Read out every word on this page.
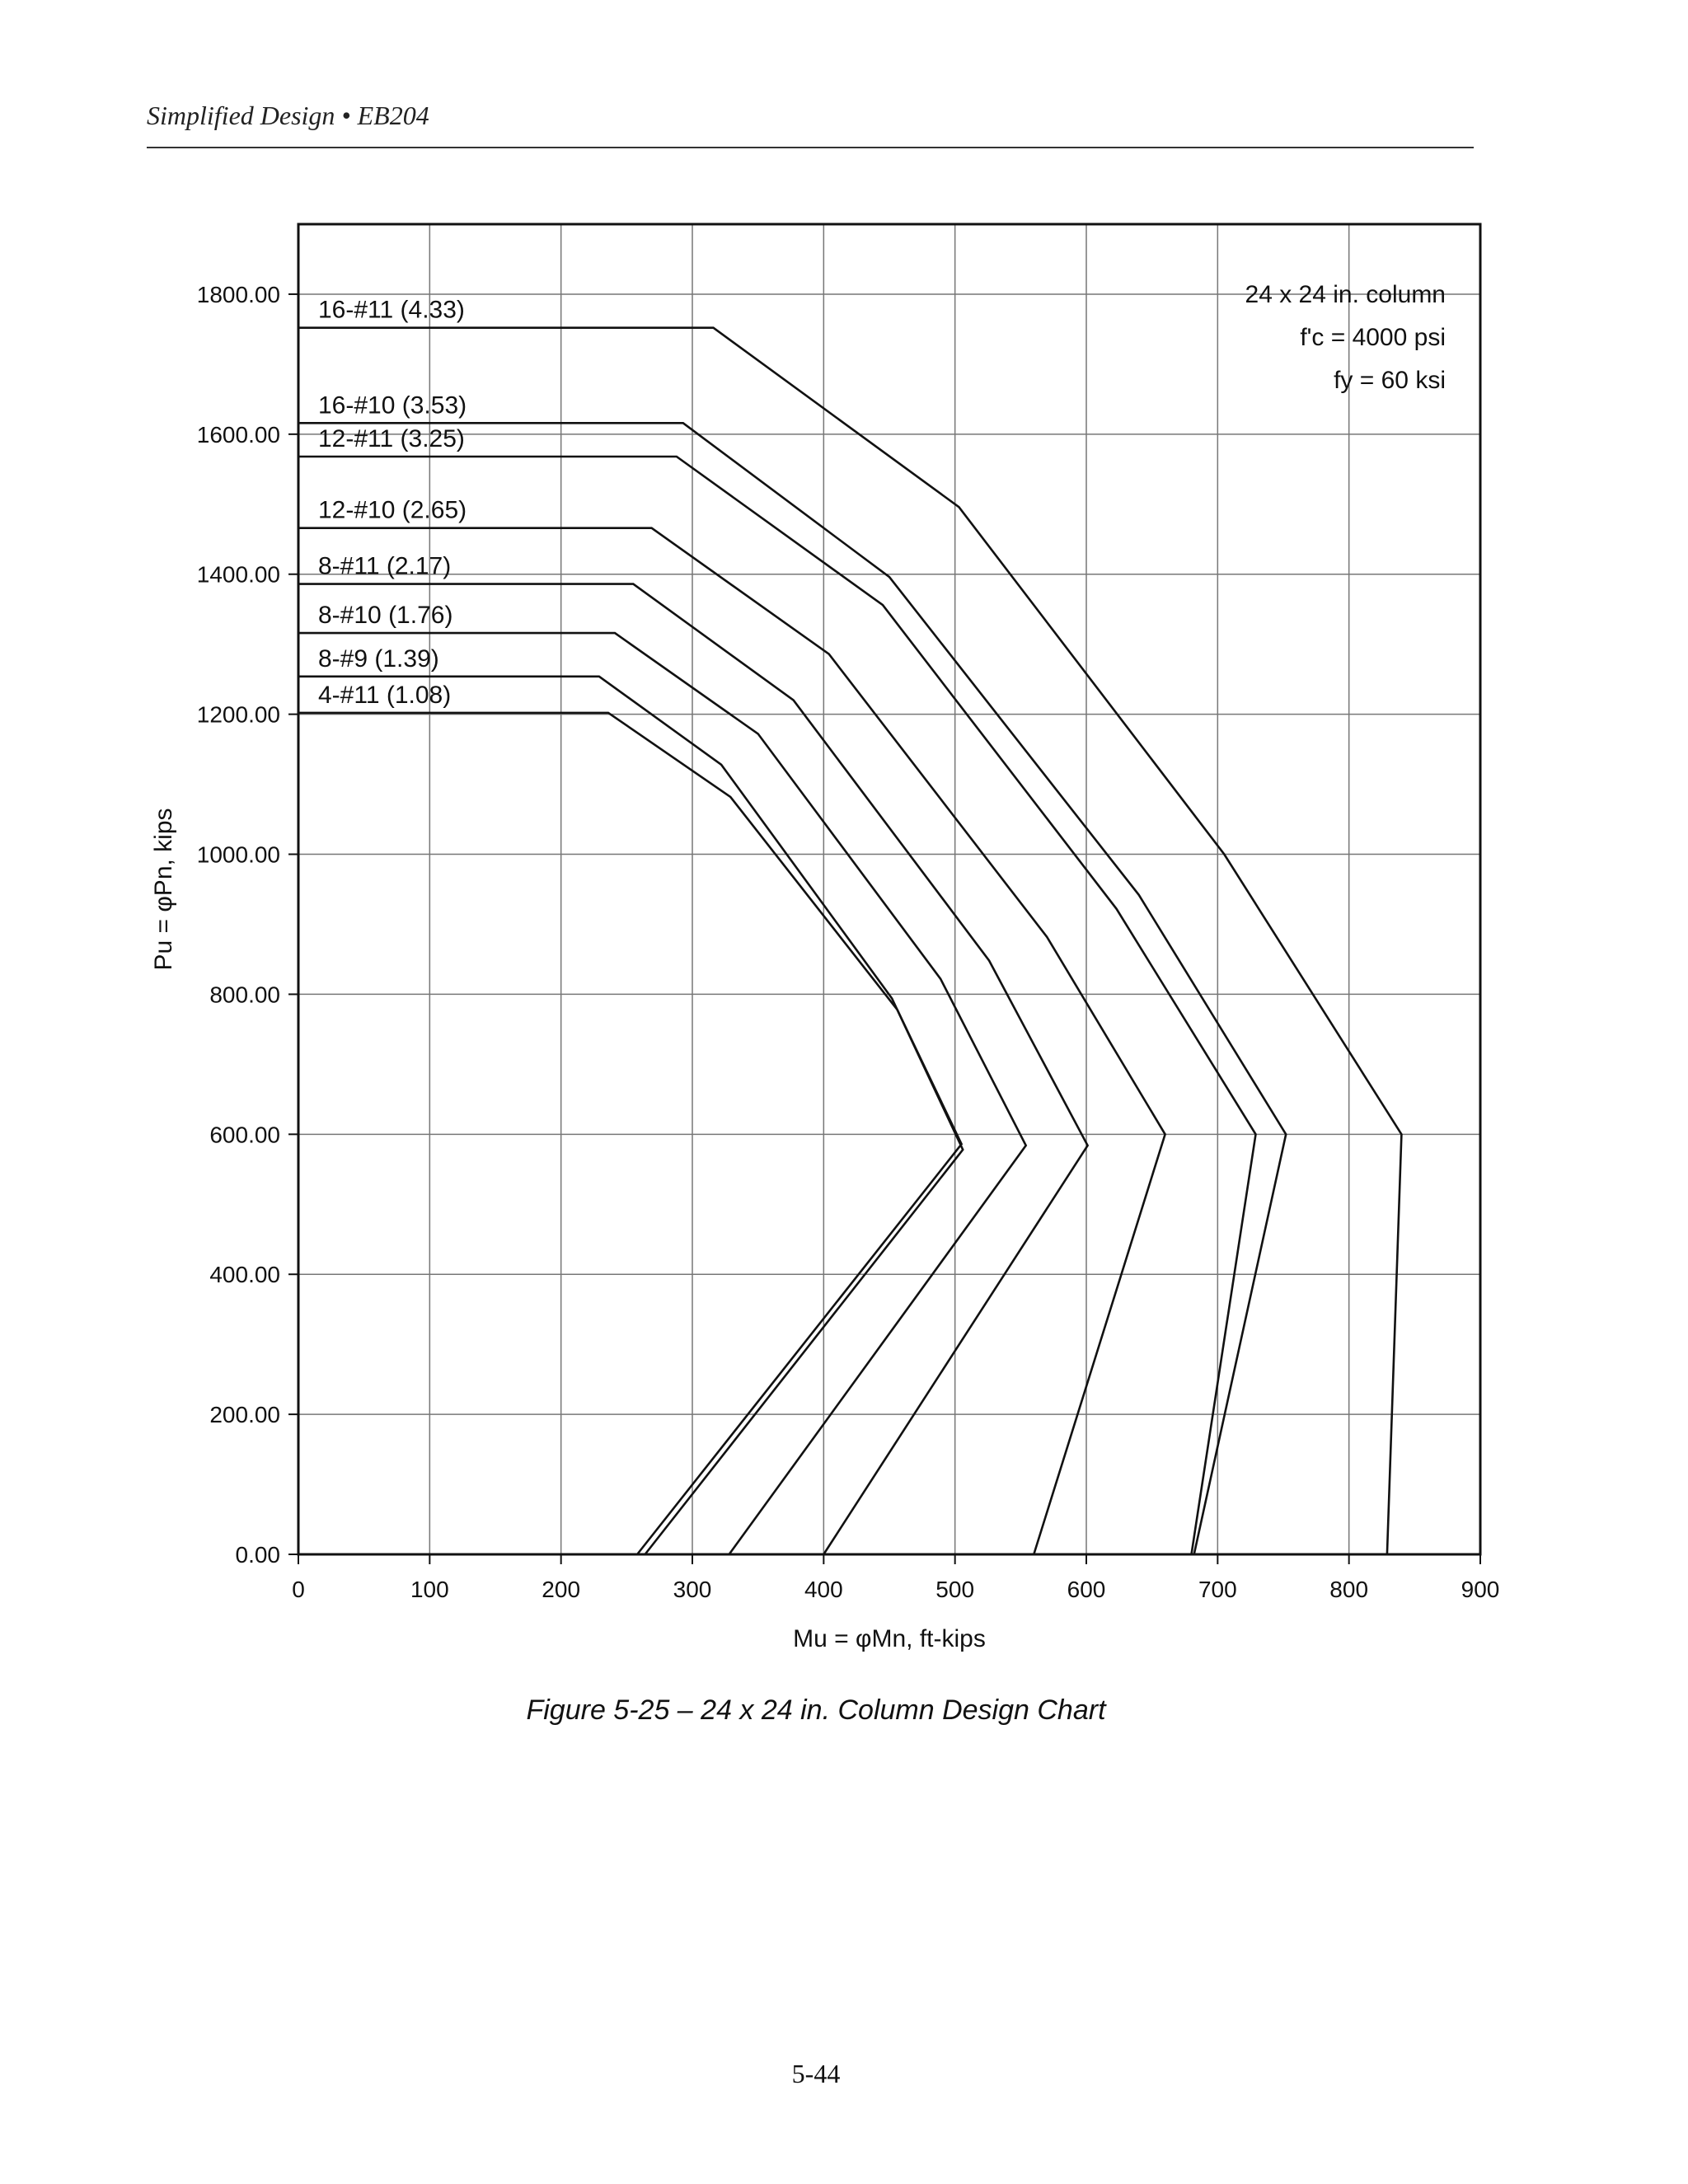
Simplified Design • EB204
0	100	200	300	400	500	600	700	800	900
0.00
200.00
400.00
600.00
800.00
1000.00
1200.00
1400.00
1600.00
1800.00
16-#11 (4.33)
16-#10 (3.53)
12-#11 (3.25)
12-#10 (2.65)
8-#11 (2.17)
8-#10 (1.76)
8-#9 (1.39)
4-#11 (1.08)
24 x 24 in. column
f'c = 4000 psi
fy = 60 ksi
Mu = φMn, ft-kips
Pu = φPn, kips
Figure 5-25 – 24 x 24 in. Column Design Chart
5-44
